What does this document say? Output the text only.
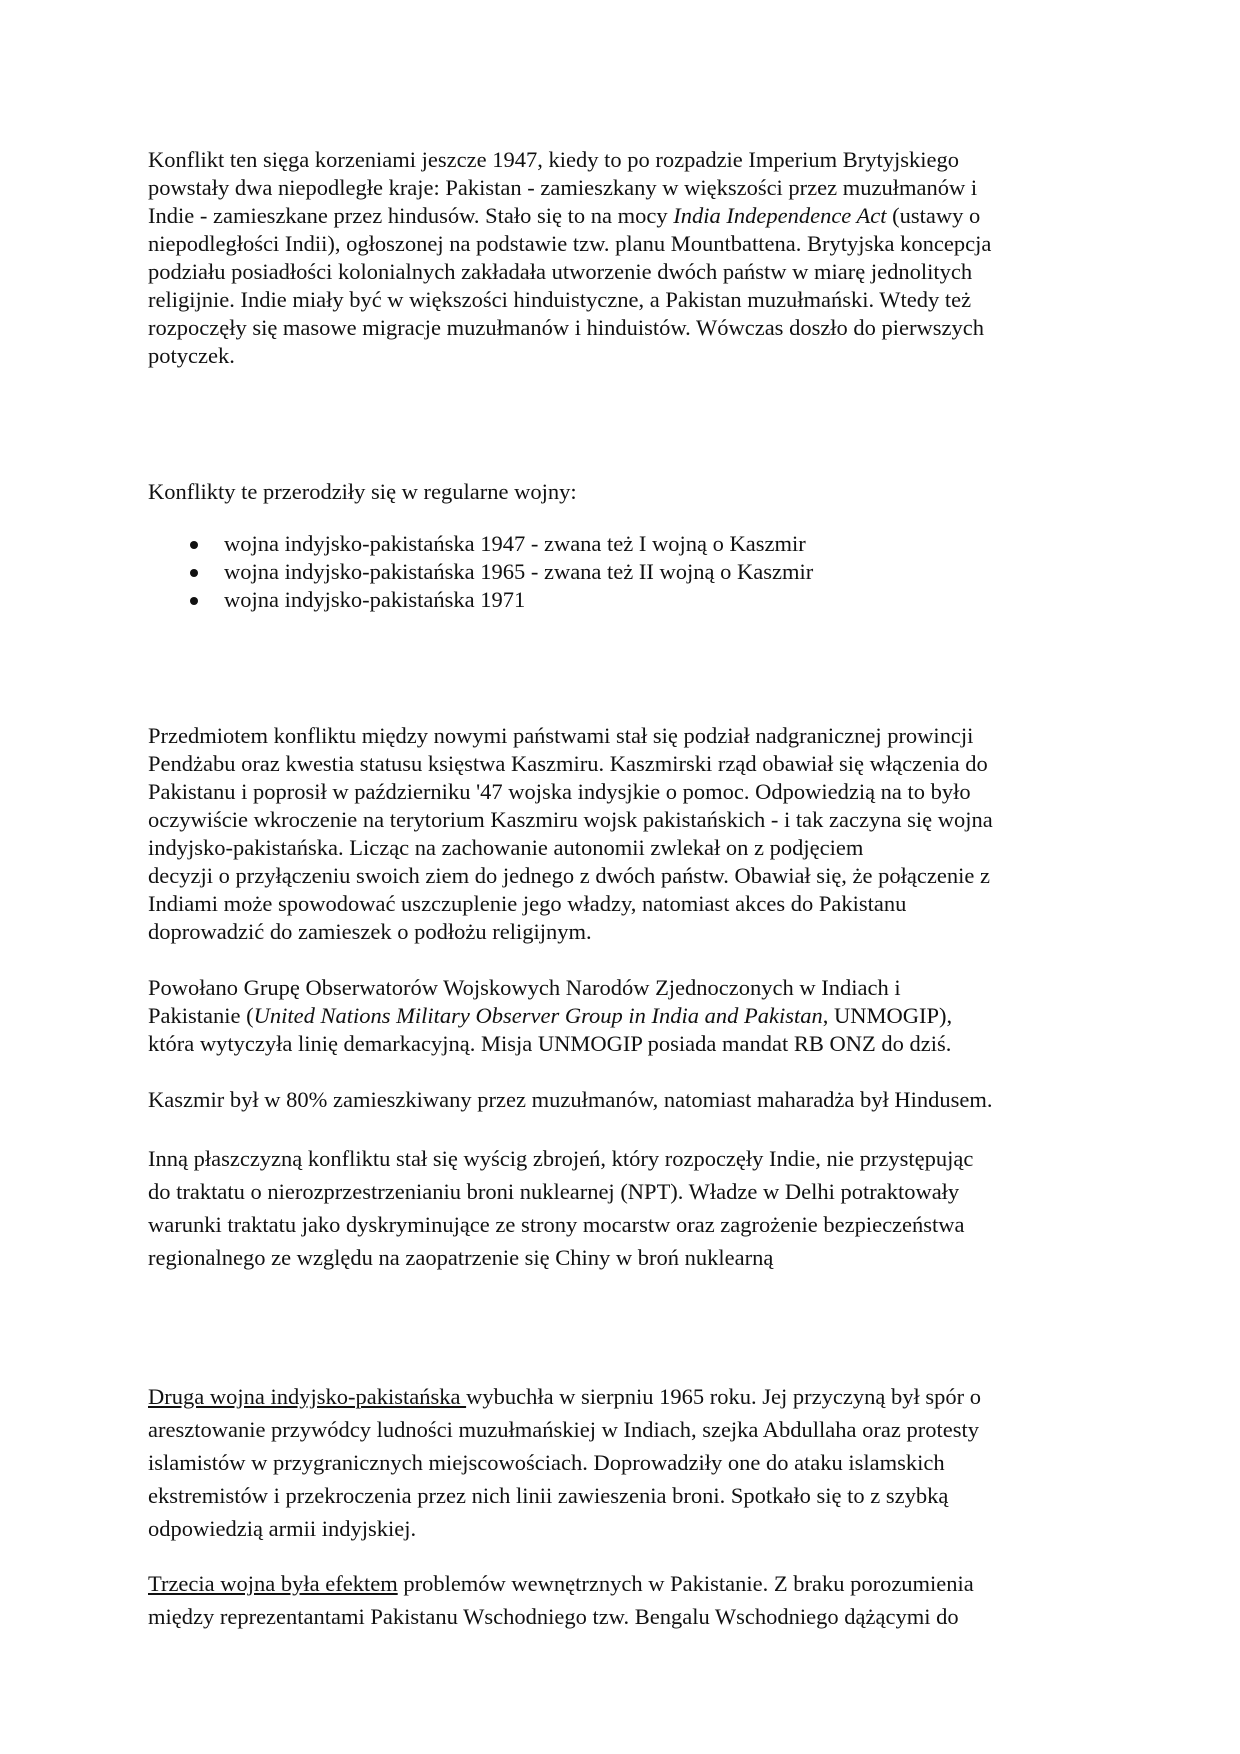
Konflikt ten sięga korzeniami jeszcze 1947, kiedy to po rozpadzie Imperium Brytyjskiego
powstały dwa niepodległe kraje: Pakistan - zamieszkany w większości przez muzułmanów i
Indie - zamieszkane przez hindusów. Stało się to na mocy India Independence Act (ustawy o
niepodległości Indii), ogłoszonej na podstawie tzw. planu Mountbattena. Brytyjska koncepcja
podziału posiadłości kolonialnych zakładała utworzenie dwóch państw w miarę jednolitych
religijnie. Indie miały być w większości hinduistyczne, a Pakistan muzułmański. Wtedy też
rozpoczęły się masowe migracje muzułmanów i hinduistów. Wówczas doszło do pierwszych
potyczek.

Konflikty te przerodziły się w regularne wojny:

wojna indyjsko-pakistańska 1947 - zwana też I wojną o Kaszmir
wojna indyjsko-pakistańska 1965 - zwana też II wojną o Kaszmir
wojna indyjsko-pakistańska 1971

Przedmiotem konfliktu między nowymi państwami stał się podział nadgranicznej prowincji
Pendżabu oraz kwestia statusu księstwa Kaszmiru. Kaszmirski rząd obawiał się włączenia do
Pakistanu i poprosił w październiku '47 wojska indysjkie o pomoc. Odpowiedzią na to było
oczywiście wkroczenie na terytorium Kaszmiru wojsk pakistańskich - i tak zaczyna się wojna
indyjsko-pakistańska. Licząc na zachowanie autonomii zwlekał on z podjęciem
decyzji o przyłączeniu swoich ziem do jednego z dwóch państw. Obawiał się, że połączenie z
Indiami może spowodować uszczuplenie jego władzy, natomiast akces do Pakistanu
doprowadzić do zamieszek o podłożu religijnym.

Powołano Grupę Obserwatorów Wojskowych Narodów Zjednoczonych w Indiach i
Pakistanie (United Nations Military Observer Group in India and Pakistan, UNMOGIP),
która wytyczyła linię demarkacyjną. Misja UNMOGIP posiada mandat RB ONZ do dziś.

Kaszmir był w 80% zamieszkiwany przez muzułmanów, natomiast maharadża był Hindusem.

Inną płaszczyzną konfliktu stał się wyścig zbrojeń, który rozpoczęły Indie, nie przystępując
do traktatu o nierozprzestrzenianiu broni nuklearnej (NPT). Władze w Delhi potraktowały
warunki traktatu jako dyskryminujące ze strony mocarstw oraz zagrożenie bezpieczeństwa
regionalnego ze względu na zaopatrzenie się Chiny w broń nuklearną

Druga wojna indyjsko-pakistańska wybuchła w sierpniu 1965 roku. Jej przyczyną był spór o
aresztowanie przywódcy ludności muzułmańskiej w Indiach, szejka Abdullaha oraz protesty
islamistów w przygranicznych miejscowościach. Doprowadziły one do ataku islamskich
ekstremistów i przekroczenia przez nich linii zawieszenia broni. Spotkało się to z szybką
odpowiedzią armii indyjskiej.

Trzecia wojna była efektem problemów wewnętrznych w Pakistanie. Z braku porozumienia
między reprezentantami Pakistanu Wschodniego tzw. Bengalu Wschodniego dążącymi do
